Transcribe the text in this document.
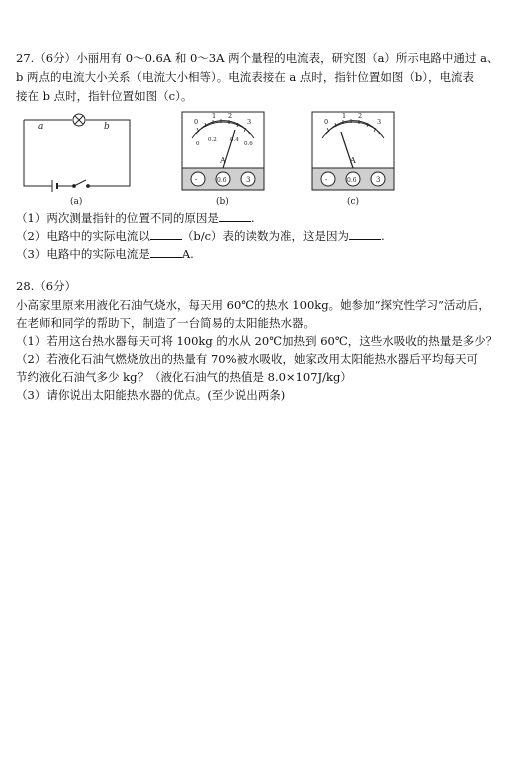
27.（6分）小丽用有 0～0.6A 和 0～3A 两个量程的电流表，研究图（a）所示电路中通过 a、
b 两点的电流大小关系（电流大小相等）。电流表接在 a 点时，指针位置如图（b），电流表
接在 b 点时，指针位置如图（c）。
a	b
(a)
0
1 2
3
0
0.2 0.4
0.6
A
-	0.6	3
(b)
0
1 2
3
A
-	0.6	3
(c)
（1）两次测量指针的位置不同的原因是	.
（2）电路中的实际电流以	（b/c）表的读数为准，这是因为	.
（3）电路中的实际电流是	A.
28.（6分）
小高家里原来用液化石油气烧水，每天用 60℃的热水 100kg。她参加“探究性学习”活动后，
在老师和同学的帮助下，制造了一台简易的太阳能热水器。
（1）若用这台热水器每天可将 100kg 的水从 20℃加热到 60℃，这些水吸收的热量是多少？
（2）若液化石油气燃烧放出的热量有 70%被水吸收，她家改用太阳能热水器后平均每天可
节约液化石油气多少 kg？（液化石油气的热值是 8.0×107J/kg）
（3）请你说出太阳能热水器的优点。(至少说出两条)
